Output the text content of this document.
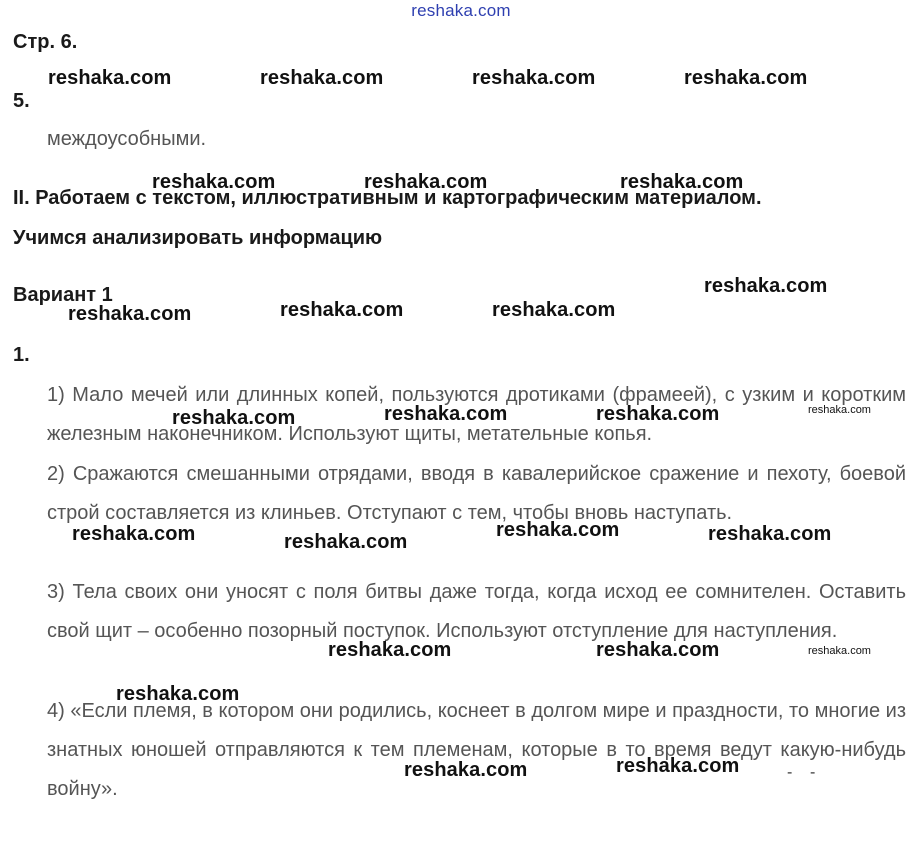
reshaka.com
Стр. 6.
5.
междоусобными.
II. Работаем с текстом, иллюстративным и картографическим материалом.
Учимся анализировать информацию
Вариант 1
1.
1) Мало мечей или длинных копей, пользуются дротиками (фрамеей), с узким и коротким железным наконечником. Используют щиты, метательные копья.
2) Сражаются смешанными отрядами, вводя в кавалерийское сражение и пехоту, боевой строй составляется из клиньев. Отступают с тем, чтобы вновь наступать.
3) Тела своих они уносят с поля битвы даже тогда, когда исход ее сомнителен. Оставить свой щит – особенно позорный поступок. Используют отступление для наступления.
4) «Если племя, в котором они родились, коснеет в долгом мире и праздности, то многие из знатных юношей отправляются к тем племенам, которые в то время ведут какую-нибудь войну».
reshaka.com	reshaka.com	reshaka.com	reshaka.com
reshaka.com	reshaka.com	reshaka.com
reshaka.com
reshaka.com	reshaka.com	reshaka.com
reshaka.com	reshaka.com	reshaka.com	reshaka.com
reshaka.com	reshaka.com
reshaka.com	reshaka.com
reshaka.com	reshaka.com	reshaka.com
reshaka.com
reshaka.com	reshaka.com	- -
